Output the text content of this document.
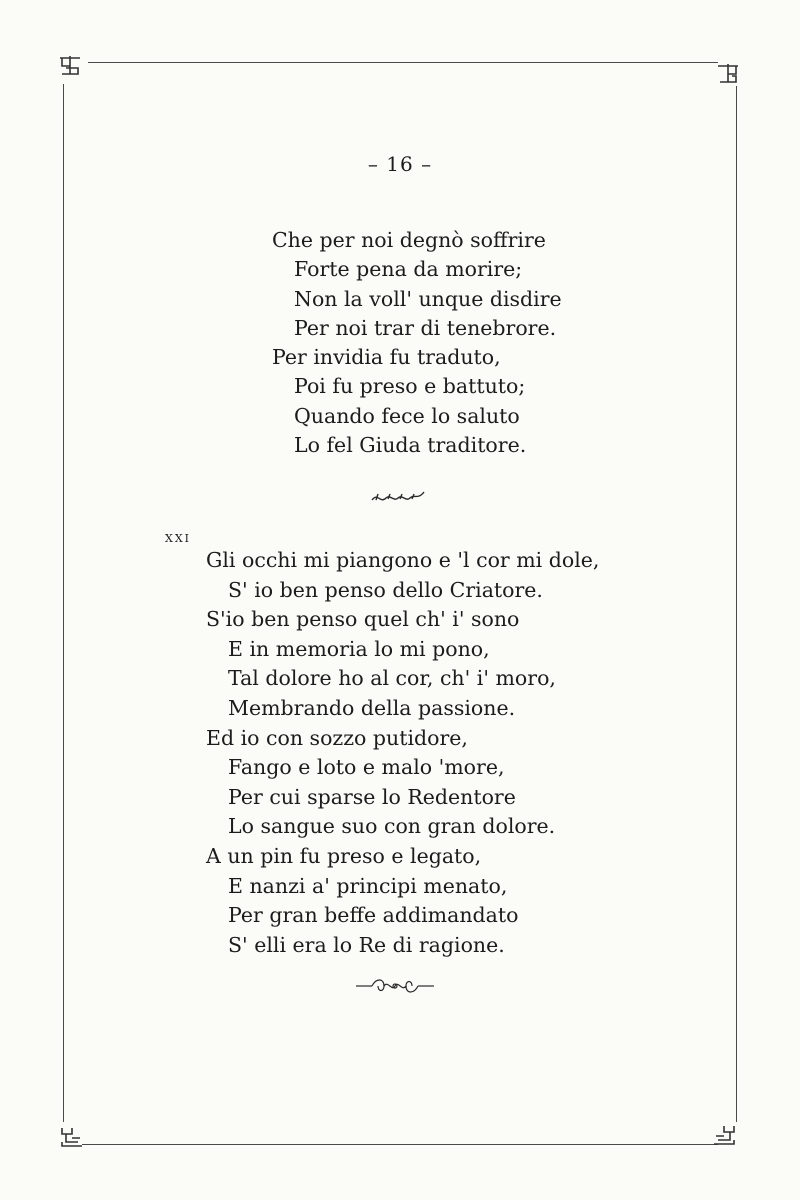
– 16 –
Che per noi degnò soffrire
Forte pena da morire;
Non la voll' unque disdire
Per noi trar di tenebrore.
Per invidia fu traduto,
Poi fu preso e battuto;
Quando fece lo saluto
Lo fel Giuda traditore.
XXI
Gli occhi mi piangono e 'l cor mi dole,
S' io ben penso dello Criatore.
S'io ben penso quel ch' i' sono
E in memoria lo mi pono,
Tal dolore ho al cor, ch' i' moro,
Membrando della passione.
Ed io con sozzo putidore,
Fango e loto e malo 'more,
Per cui sparse lo Redentore
Lo sangue suo con gran dolore.
A un pin fu preso e legato,
E nanzi a' principi menato,
Per gran beffe addimandato
S' elli era lo Re di ragione.
